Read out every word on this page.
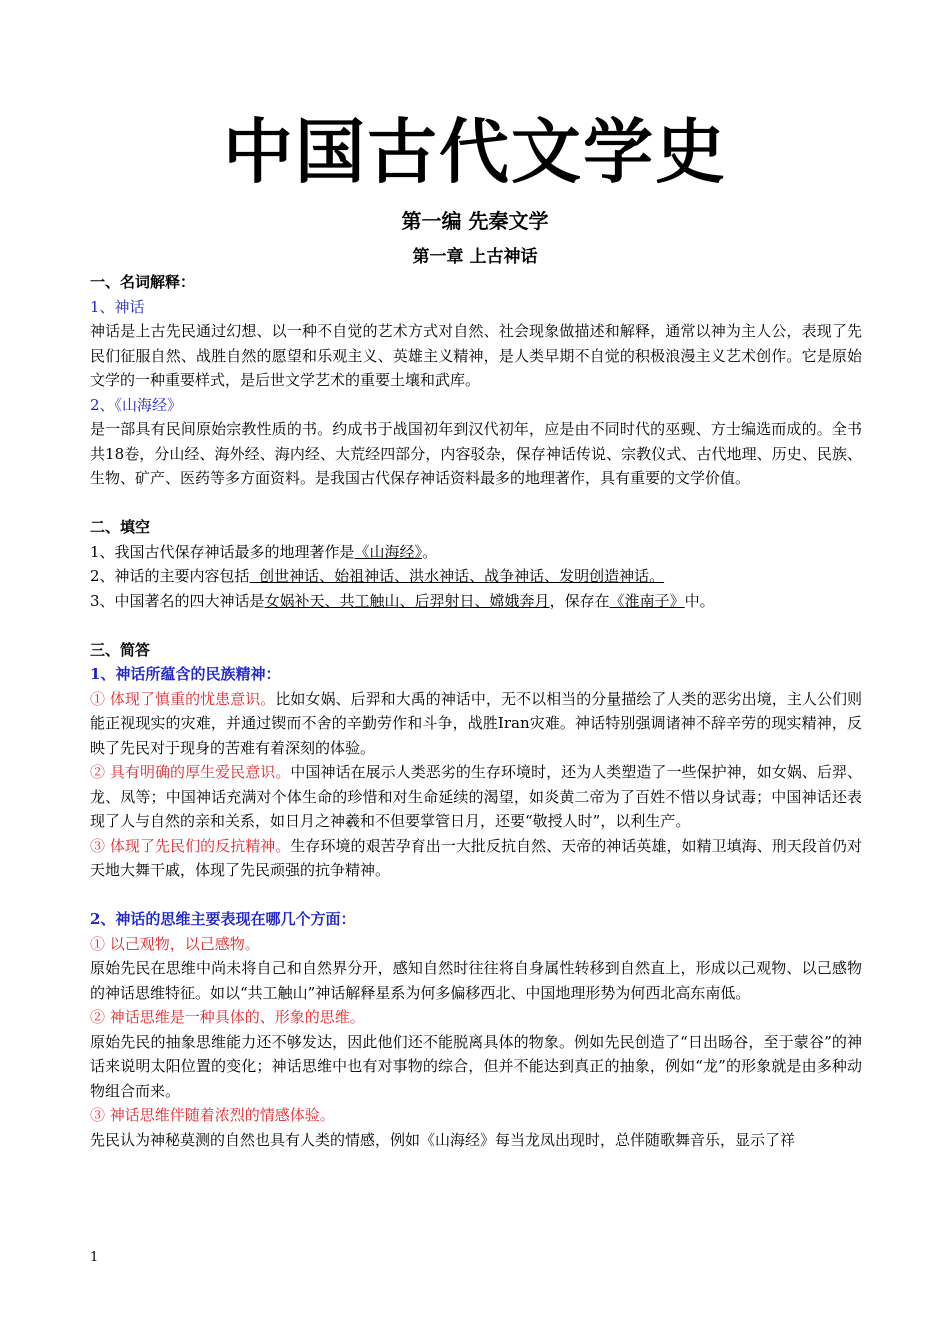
中国古代文学史
第一编 先秦文学
第一章 上古神话

一、名词解释：

1、神话

神话是上古先民通过幻想、以一种不自觉的艺术方式对自然、社会现象做描述和解释，通常以神为主人公，表现了先民们征服自然、战胜自然的愿望和乐观主义、英雄主义精神，是人类早期不自觉的积极浪漫主义艺术创作。它是原始文学的一种重要样式，是后世文学艺术的重要土壤和武库。

2、《山海经》

是一部具有民间原始宗教性质的书。约成书于战国初年到汉代初年，应是由不同时代的巫觋、方士编选而成的。全书共18卷，分山经、海外经、海内经、大荒经四部分，内容驳杂，保存神话传说、宗教仪式、古代地理、历史、民族、生物、矿产、医药等多方面资料。是我国古代保存神话资料最多的地理著作，具有重要的文学价值。

二、填空

1、我国古代保存神话最多的地理著作是《山海经》。

2、神话的主要内容包括  创世神话、始祖神话、洪水神话、战争神话、发明创造神话。

3、中国著名的四大神话是女娲补天、共工触山、后羿射日、嫦娥奔月，保存在《淮南子》中。

三、简答

1、神话所蕴含的民族精神：

① 体现了慎重的忧患意识。比如女娲、后羿和大禹的神话中，无不以相当的分量描绘了人类的恶劣出境，主人公们则能正视现实的灾难，并通过锲而不舍的辛勤劳作和斗争，战胜Iran灾难。神话特别强调诸神不辞辛劳的现实精神，反映了先民对于现身的苦难有着深刻的体验。

② 具有明确的厚生爱民意识。中国神话在展示人类恶劣的生存环境时，还为人类塑造了一些保护神，如女娲、后羿、龙、凤等；中国神话充满对个体生命的珍惜和对生命延续的渴望，如炎黄二帝为了百姓不惜以身试毒；中国神话还表现了人与自然的亲和关系，如日月之神羲和不但要掌管日月，还要“敬授人时”，以利生产。

③ 体现了先民们的反抗精神。生存环境的艰苦孕育出一大批反抗自然、天帝的神话英雄，如精卫填海、刑天段首仍对天地大舞干戚，体现了先民顽强的抗争精神。

2、神话的思维主要表现在哪几个方面：

① 以己观物，以己感物。

原始先民在思维中尚未将自己和自然界分开，感知自然时往往将自身属性转移到自然直上，形成以己观物、以己感物的神话思维特征。如以“共工触山”神话解释星系为何多偏移西北、中国地理形势为何西北高东南低。

② 神话思维是一种具体的、形象的思维。

原始先民的抽象思维能力还不够发达，因此他们还不能脱离具体的物象。例如先民创造了“日出旸谷，至于蒙谷”的神话来说明太阳位置的变化；神话思维中也有对事物的综合，但并不能达到真正的抽象，例如“龙”的形象就是由多种动物组合而来。

③ 神话思维伴随着浓烈的情感体验。

先民认为神秘莫测的自然也具有人类的情感，例如《山海经》每当龙凤出现时，总伴随歌舞音乐，显示了祥

1
